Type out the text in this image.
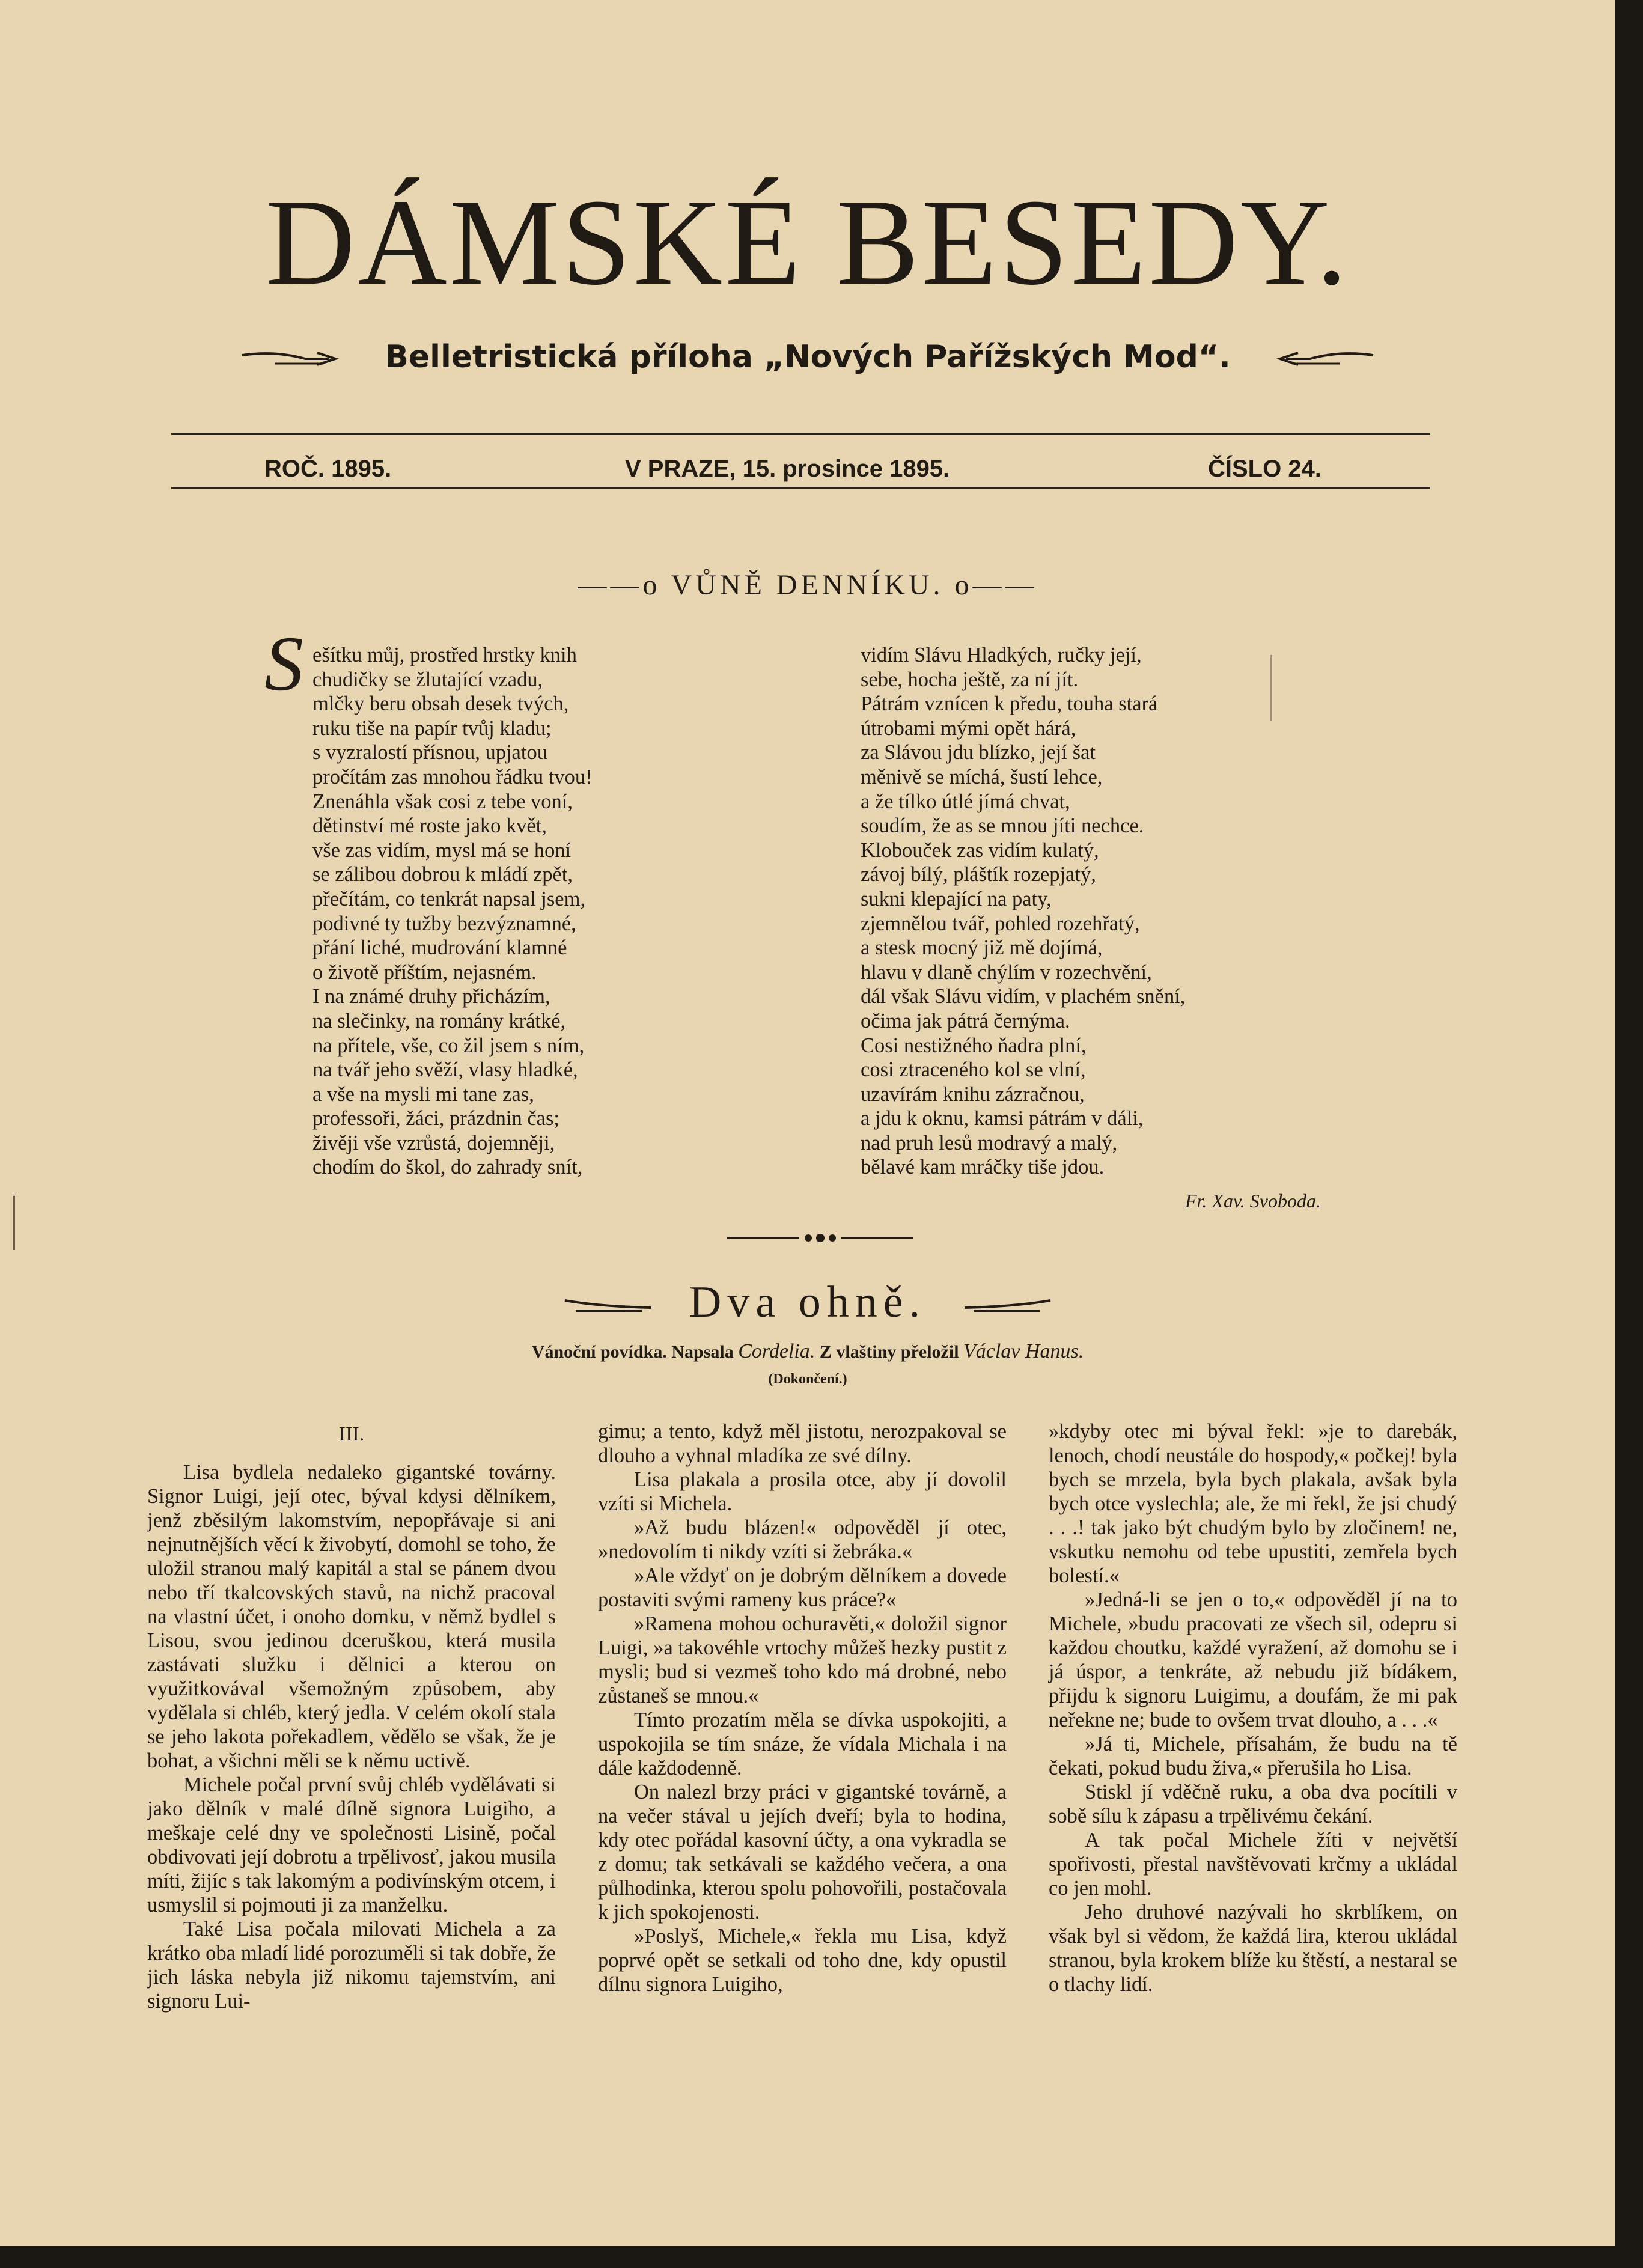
DÁMSKÉ BESEDY.
Belletristická příloha „Nových Pařížských Mod“.
ROČ. 1895.	V PRAZE, 15. prosince 1895.	ČÍSLO 24.
——o VŮNĚ DENNÍKU. o——
S ešítku můj, prostřed hrstky knih
chudičky se žlutající vzadu,
mlčky beru obsah desek tvých,
ruku tiše na papír tvůj kladu;
s vyzralostí přísnou, upjatou
pročítám zas mnohou řádku tvou!
Znenáhla však cosi z tebe voní,
dětinství mé roste jako květ,
vše zas vidím, mysl má se honí
se zálibou dobrou k mládí zpět,
přečítám, co tenkrát napsal jsem,
podivné ty tužby bezvýznamné,
přání liché, mudrování klamné
o životě příštím, nejasném.
I na známé druhy přicházím,
na slečinky, na romány krátké,
na přítele, vše, co žil jsem s ním,
na tvář jeho svěží, vlasy hladké,
a vše na mysli mi tane zas,
professoři, žáci, prázdnin čas;
živěji vše vzrůstá, dojemněji,
chodím do škol, do zahrady snít,
vidím Slávu Hladkých, ručky její,
sebe, hocha ještě, za ní jít.
Pátrám vznícen k předu, touha stará
útrobami mými opět hárá,
za Slávou jdu blízko, její šat
měnivě se míchá, šustí lehce,
a že tílko útlé jímá chvat,
soudím, že as se mnou jíti nechce.
Klobouček zas vidím kulatý,
závoj bílý, pláštík rozepjatý,
sukni klepající na paty,
zjemnělou tvář, pohled rozehřatý,
a stesk mocný již mě dojímá,
hlavu v dlaně chýlím v rozechvění,
dál však Slávu vidím, v plachém snění,
očima jak pátrá černýma.
Cosi nestižného ňadra plní,
cosi ztraceného kol se vlní,
uzavírám knihu zázračnou,
a jdu k oknu, kamsi pátrám v dáli,
nad pruh lesů modravý a malý,
bělavé kam mráčky tiše jdou.
Fr. Xav. Svoboda.
Dva ohně.
Vánoční povídka. Napsala Cordelia. Z vlaštiny přeložil Václav Hanus.
(Dokončení.)
III.

Lisa bydlela nedaleko gigantské továrny. Signor Luigi, její otec, býval kdysi dělníkem, jenž zběsilým lakomstvím, nepopřávaje si ani nejnutnějších věcí k živobytí, domohl se toho, že uložil stranou malý kapitál a stal se pánem dvou nebo tří tkalcovských stavů, na nichž pracoval na vlastní účet, i onoho domku, v němž bydlel s Lisou, svou jedinou dceruškou, která musila zastávati služku i dělnici a kterou on využitkovával všemožným způsobem, aby vydělala si chléb, který jedla. V celém okolí stala se jeho lakota pořekadlem, vědělo se však, že je bohat, a všichni měli se k němu uctivě.

Michele počal první svůj chléb vydělávati si jako dělník v malé dílně signora Luigiho, a meškaje celé dny ve společnosti Lisině, počal obdivovati její dobrotu a trpělivosť, jakou musila míti, žijíc s tak lakomým a podivínským otcem, i usmyslil si pojmouti ji za manželku.

Také Lisa počala milovati Michela a za krátko oba mladí lidé porozuměli si tak dobře, že jich láska nebyla již nikomu tajemstvím, ani signoru Lui-

gimu; a tento, když měl jistotu, nerozpakoval se dlouho a vyhnal mladíka ze své dílny.

Lisa plakala a prosila otce, aby jí dovolil vzíti si Michela.

»Až budu blázen!« odpověděl jí otec, »nedovolím ti nikdy vzíti si žebráka.«

»Ale vždyť on je dobrým dělníkem a dovede postaviti svými rameny kus práce?«

»Ramena mohou ochuravěti,« doložil signor Luigi, »a takovéhle vrtochy můžeš hezky pustit z mysli; bud si vezmeš toho kdo má drobné, nebo zůstaneš se mnou.«

Tímto prozatím měla se dívka uspokojiti, a uspokojila se tím snáze, že vídala Michala i na dále každodenně.

On nalezl brzy práci v gigantské továrně, a na večer stával u jejích dveří; byla to hodina, kdy otec pořádal kasovní účty, a ona vykradla se z domu; tak setkávali se každého večera, a ona půlhodinka, kterou spolu pohovořili, postačovala k jich spokojenosti.

»Poslyš, Michele,« řekla mu Lisa, když poprvé opět se setkali od toho dne, kdy opustil dílnu signora Luigiho,

»kdyby otec mi býval řekl: »je to darebák, lenoch, chodí neustále do hospody,« počkej! byla bych se mrzela, byla bych plakala, avšak byla bych otce vyslechla; ale, že mi řekl, že jsi chudý . . .! tak jako být chudým bylo by zločinem! ne, vskutku nemohu od tebe upustiti, zemřela bych bolestí.«

»Jedná-li se jen o to,« odpověděl jí na to Michele, »budu pracovati ze všech sil, odepru si každou choutku, každé vyražení, až domohu se i já úspor, a tenkráte, až nebudu již bídákem, přijdu k signoru Luigimu, a doufám, že mi pak neřekne ne; bude to ovšem trvat dlouho, a . . .«

»Já ti, Michele, přísahám, že budu na tě čekati, pokud budu živa,« přerušila ho Lisa.

Stiskl jí vděčně ruku, a oba dva pocítili v sobě sílu k zápasu a trpělivému čekání.

A tak počal Michele žíti v největší spořivosti, přestal navštěvovati krčmy a ukládal co jen mohl.

Jeho druhové nazývali ho skrblíkem, on však byl si vědom, že každá lira, kterou ukládal stranou, byla krokem blíže ku štěstí, a nestaral se o tlachy lidí.
